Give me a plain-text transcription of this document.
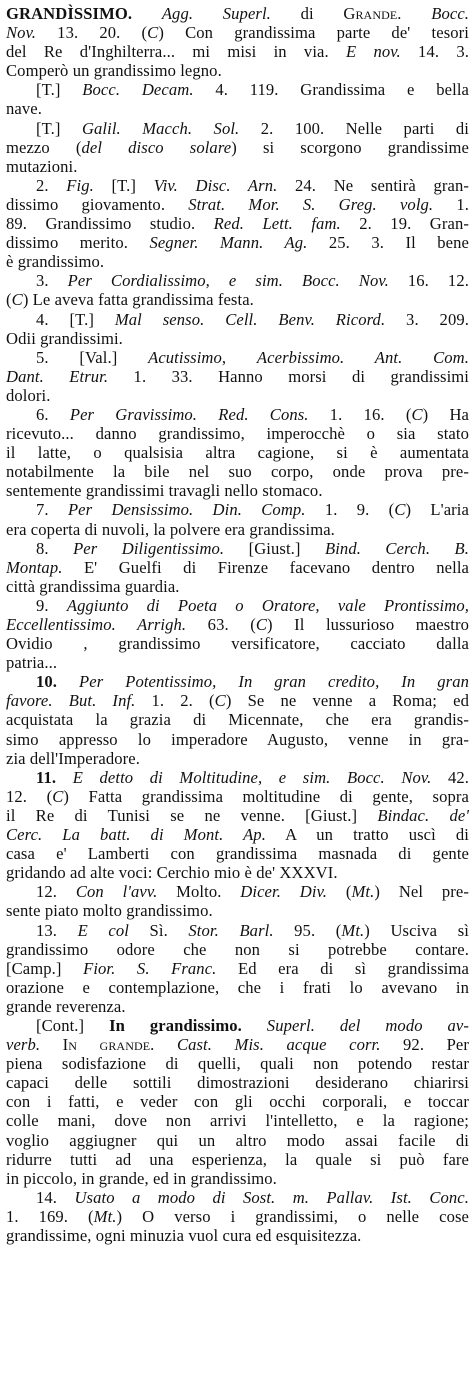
GRANDÌSSIMO. Agg. Superl. di Grande. Bocc.
Nov. 13. 20. (C) Con grandissima parte de' tesori
del Re d'Inghilterra... mi misi in via. E nov. 14. 3.
Comperò un grandissimo legno.
[T.] Bocc. Decam. 4. 119. Grandissima e bella
nave.
[T.] Galil. Macch. Sol. 2. 100. Nelle parti di
mezzo (del disco solare) si scorgono grandissime
mutazioni.
2. Fig. [T.] Viv. Disc. Arn. 24. Ne sentirà gran-
dissimo giovamento. Strat. Mor. S. Greg. volg. 1.
89. Grandissimo studio. Red. Lett. fam. 2. 19. Gran-
dissimo merito. Segner. Mann. Ag. 25. 3. Il bene
è grandissimo.
3. Per Cordialissimo, e sim. Bocc. Nov. 16. 12.
(C) Le aveva fatta grandissima festa.
4. [T.] Mal senso. Cell. Benv. Ricord. 3. 209.
Odii grandissimi.
5. [Val.] Acutissimo, Acerbissimo. Ant. Com.
Dant. Etrur. 1. 33. Hanno morsi di grandissimi
dolori.
6. Per Gravissimo. Red. Cons. 1. 16. (C) Ha
ricevuto... danno grandissimo, imperocchè o sia stato
il latte, o qualsisia altra cagione, si è aumentata
notabilmente la bile nel suo corpo, onde prova pre-
sentemente grandissimi travagli nello stomaco.
7. Per Densissimo. Din. Comp. 1. 9. (C) L'aria
era coperta di nuvoli, la polvere era grandissima.
8. Per Diligentissimo. [Giust.] Bind. Cerch. B.
Montap. E' Guelfi di Firenze facevano dentro nella
città grandissima guardia.
9. Aggiunto di Poeta o Oratore, vale Prontissimo,
Eccellentissimo. Arrigh. 63. (C) Il lussurioso maestro
Ovidio , grandissimo versificatore, cacciato dalla
patria...
10. Per Potentissimo, In gran credito, In gran
favore. But. Inf. 1. 2. (C) Se ne venne a Roma; ed
acquistata la grazia di Micennate, che era grandis-
simo appresso lo imperadore Augusto, venne in gra-
zia dell'Imperadore.
11. E detto di Moltitudine, e sim. Bocc. Nov. 42.
12. (C) Fatta grandissima moltitudine di gente, sopra
il Re di Tunisi se ne venne. [Giust.] Bindac. de'
Cerc. La batt. di Mont. Ap. A un tratto uscì di
casa e' Lamberti con grandissima masnada di gente
gridando ad alte voci: Cerchio mio è de' XXXVI.
12. Con l'avv. Molto. Dicer. Div. (Mt.) Nel pre-
sente piato molto grandissimo.
13. E col Sì. Stor. Barl. 95. (Mt.) Usciva sì
grandissimo odore che non si potrebbe contare.
[Camp.] Fior. S. Franc. Ed era di sì grandissima
orazione e contemplazione, che i frati lo avevano in
grande reverenza.
[Cont.] In grandissimo. Superl. del modo av-
verb. In grande. Cast. Mis. acque corr. 92. Per
piena sodisfazione di quelli, quali non potendo restar
capaci delle sottili dimostrazioni desiderano chiarirsi
con i fatti, e veder con gli occhi corporali, e toccar
colle mani, dove non arrivi l'intelletto, e la ragione;
voglio aggiugner qui un altro modo assai facile di
ridurre tutti ad una esperienza, la quale si può fare
in piccolo, in grande, ed in grandissimo.
14. Usato a modo di Sost. m. Pallav. Ist. Conc.
1. 169. (Mt.) O verso i grandissimi, o nelle cose
grandissime, ogni minuzia vuol cura ed esquisitezza.
